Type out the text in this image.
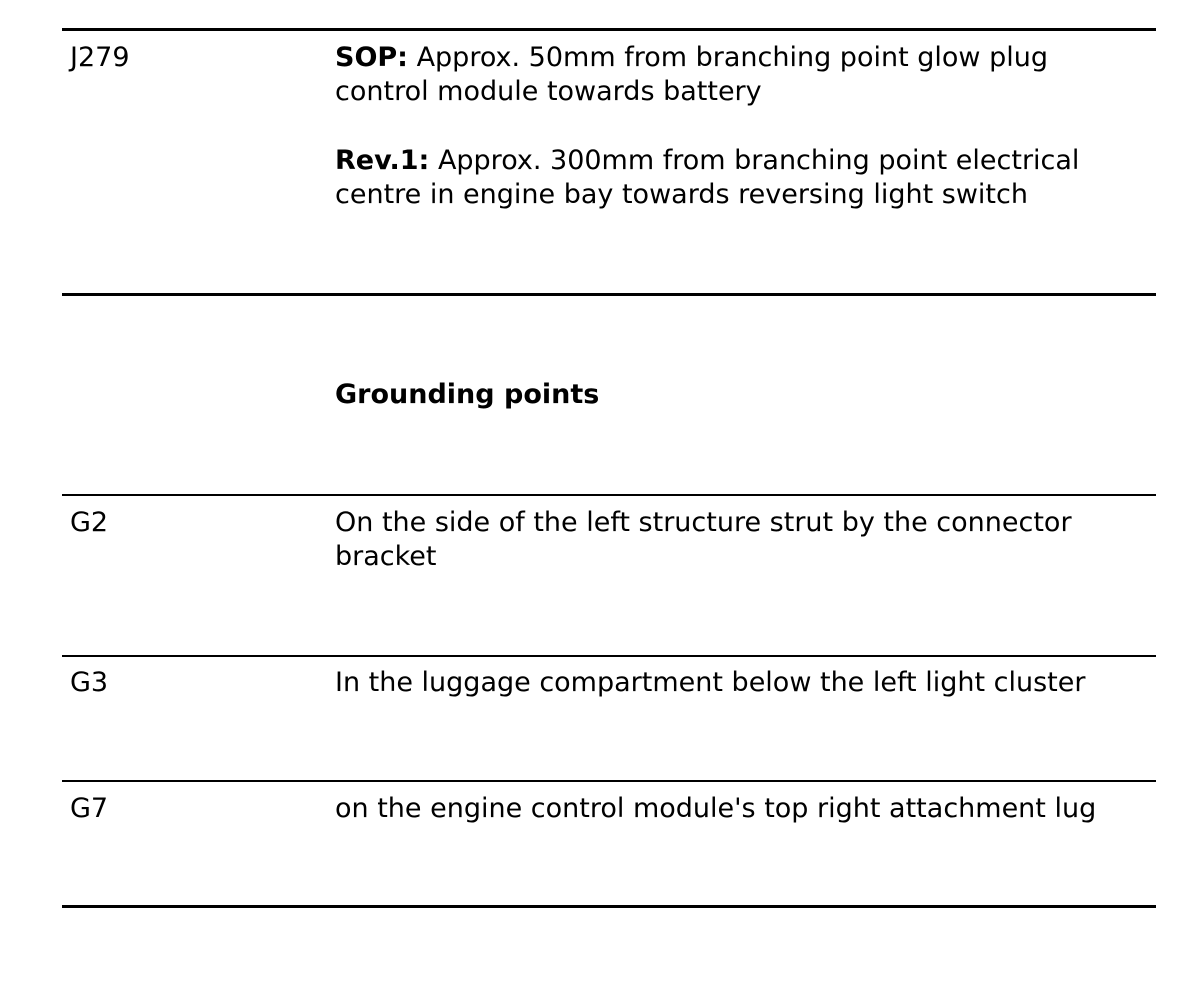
J279	SOP: Approx. 50mm from branching point glow plug control module towards battery

Rev.1: Approx. 300mm from branching point electrical centre in engine bay towards reversing light switch

Grounding points
G2	On the side of the left structure strut by the connector bracket
G3	In the luggage compartment below the left light cluster
G7	on the engine control module's top right attachment lug
